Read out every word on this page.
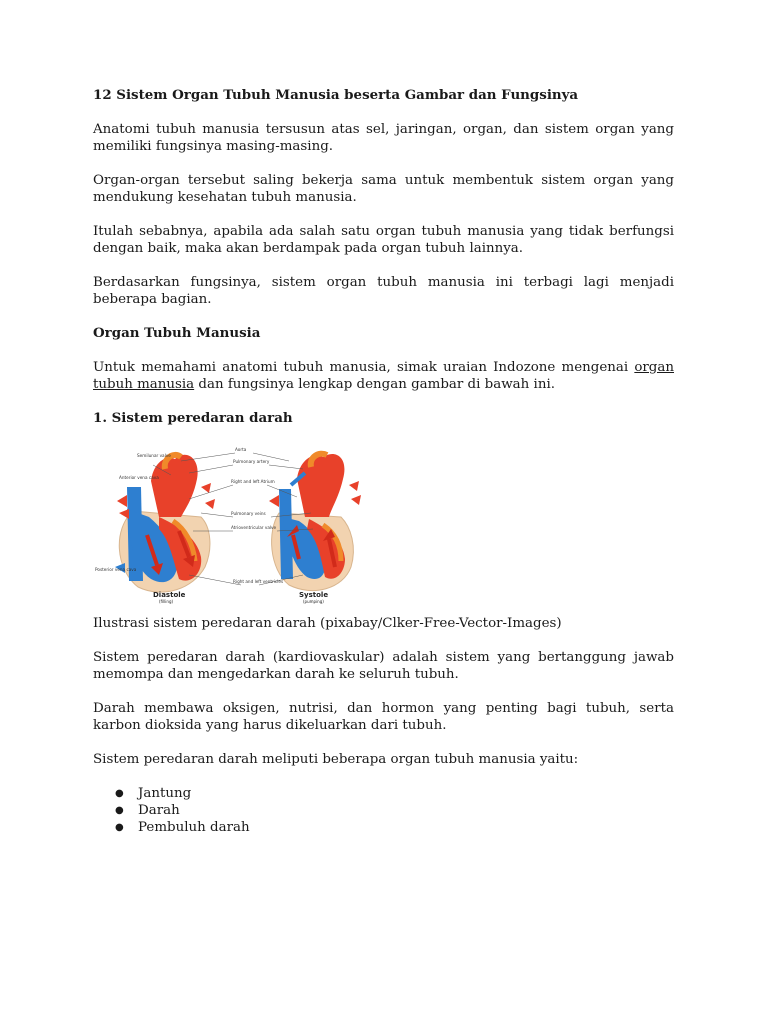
12 Sistem Organ Tubuh Manusia beserta Gambar dan Fungsinya

Anatomi tubuh manusia tersusun atas sel, jaringan, organ, dan sistem organ yang memiliki fungsinya masing-masing.

Organ-organ tersebut saling bekerja sama untuk membentuk sistem organ yang mendukung kesehatan tubuh manusia.

Itulah sebabnya, apabila ada salah satu organ tubuh manusia yang tidak berfungsi dengan baik, maka akan berdampak pada organ tubuh lainnya.

Berdasarkan fungsinya, sistem organ tubuh manusia ini terbagi lagi menjadi beberapa bagian.

Organ Tubuh Manusia

Untuk memahami anatomi tubuh manusia, simak uraian Indozone mengenai organ tubuh manusia dan fungsinya lengkap dengan gambar di bawah ini.

1. Sistem peredaran darah

Aorta
Pulmonary artery
Semilunar valve
Anterior vena cava
Right and left Atrium
Pulmonary veins
Atrioventricular valve
Posterior vena cava
Right and left ventricles
Diastole
(filling)
Systole
(pumping)

Ilustrasi sistem peredaran darah (pixabay/Clker-Free-Vector-Images)

Sistem peredaran darah (kardiovaskular) adalah sistem yang bertanggung jawab memompa dan mengedarkan darah ke seluruh tubuh.

Darah membawa oksigen, nutrisi, dan hormon yang penting bagi tubuh, serta karbon dioksida yang harus dikeluarkan dari tubuh.

Sistem peredaran darah meliputi beberapa organ tubuh manusia yaitu:

● Jantung
● Darah
● Pembuluh darah
